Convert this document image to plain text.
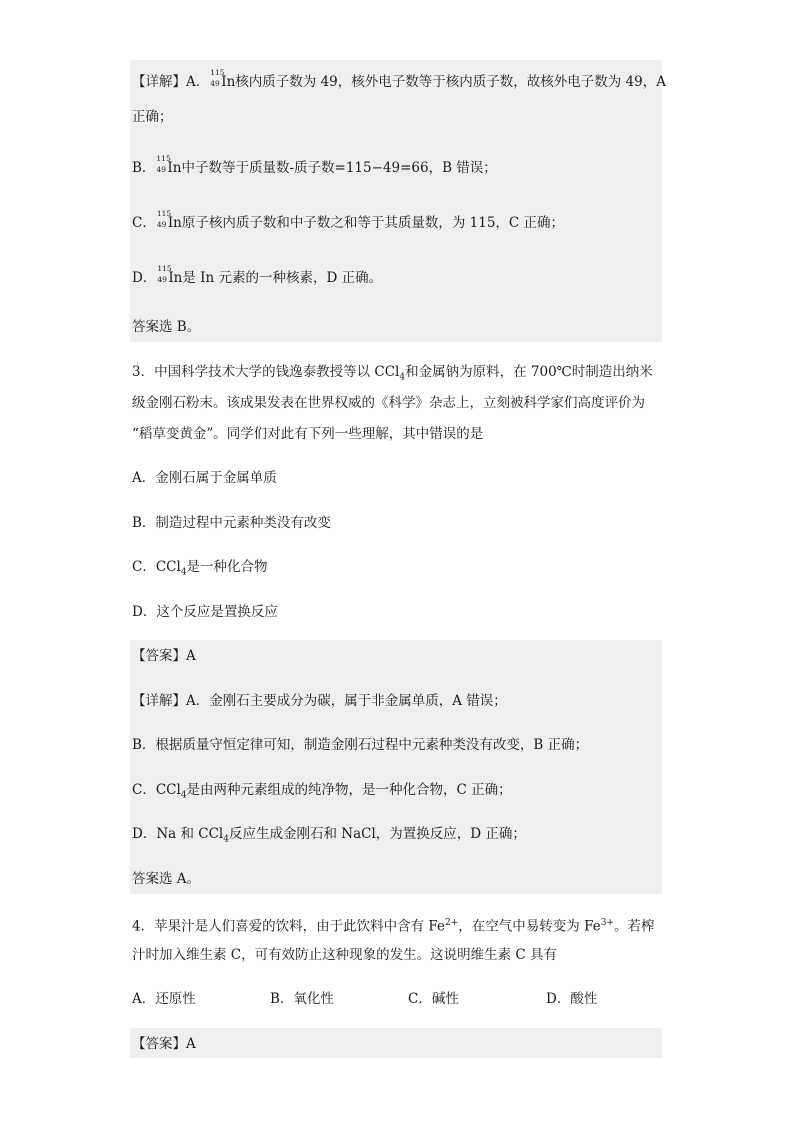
【详解】A．
115
49 In核内质子数为 49，核外电子数等于核内质子数，故核外电子数为 49，A
正确；
B．
115
49 In中子数等于质量数-质子数=115−49=66，B 错误；
C．
115
49 In原子核内质子数和中子数之和等于其质量数，为 115，C 正确；
D．
115
49 In是 In 元素的一种核素，D 正确。
答案选 B。
3．中国科学技术大学的钱逸泰教授等以 CCl$_4$和金属钠为原料，在 700℃时制造出纳米
级金刚石粉末。该成果发表在世界权威的《科学》杂志上，立刻被科学家们高度评价为
“稻草变黄金”。同学们对此有下列一些理解，其中错误的是
A．金刚石属于金属单质
B．制造过程中元素种类没有改变
C．CCl$_4$是一种化合物
D．这个反应是置换反应
【答案】A
【详解】A．金刚石主要成分为碳，属于非金属单质，A 错误；
B．根据质量守恒定律可知，制造金刚石过程中元素种类没有改变，B 正确；
C．CCl$_4$是由两种元素组成的纯净物，是一种化合物，C 正确；
D．Na 和 CCl$_4$反应生成金刚石和 NaCl，为置换反应，D 正确；
答案选 A。
4．苹果汁是人们喜爱的饮料，由于此饮料中含有 $Fe^{2+}$，在空气中易转变为 $Fe^{3+}$。若榨
汁时加入维生素 C，可有效防止这种现象的发生。这说明维生素 C 具有
A．还原性	B．氧化性	C．碱性	D．酸性
【答案】A
